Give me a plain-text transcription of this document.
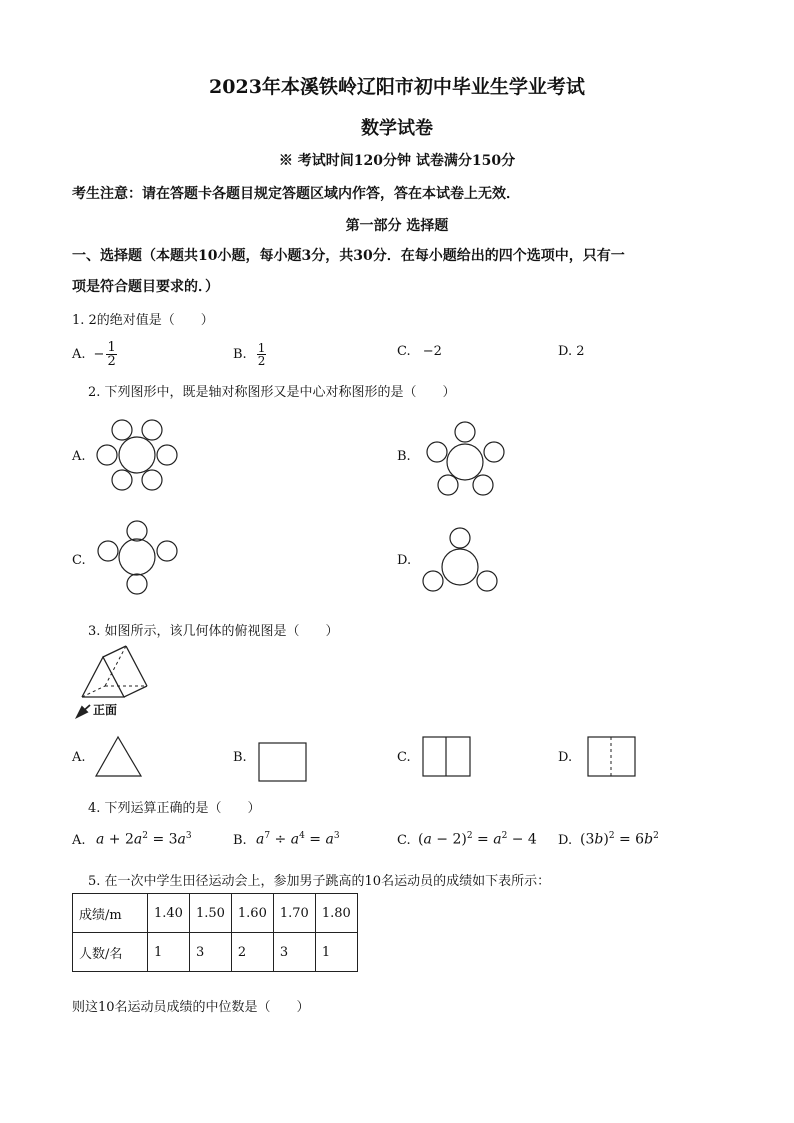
2023年本溪铁岭辽阳市初中毕业生学业考试
数学试卷
※ 考试时间120分钟 试卷满分150分
考生注意：请在答题卡各题目规定答题区域内作答，答在本试卷上无效．
第一部分 选择题
一、选择题（本题共10小题，每小题3分，共30分．在每小题给出的四个选项中，只有一
项是符合题目要求的．）
1. 2的绝对值是（　　）
A. − $\frac{1}{2}$	B. $\frac{1}{2}$	C. −2	D. 2
2. 下列图形中，既是轴对称图形又是中心对称图形的是（　　）
A.	B.
C.	D.
3. 如图所示，该几何体的俯视图是（　　）
正面
A.	B.	C.	D.
4. 下列运算正确的是（　　）
A. $a + 2a^2 = 3a^3$	B. $a^7 \div a^4 = a^3$	C. $(a - 2)^2 = a^2 - 4$ D. $(3b)^2 = 6b^2$
5. 在一次中学生田径运动会上，参加男子跳高的10名运动员的成绩如下表所示：
成绩/m	1.40	1.50	1.60	1.70	1.80
人数/名	1	3	2	3	1
则这10名运动员成绩的中位数是（　　）
